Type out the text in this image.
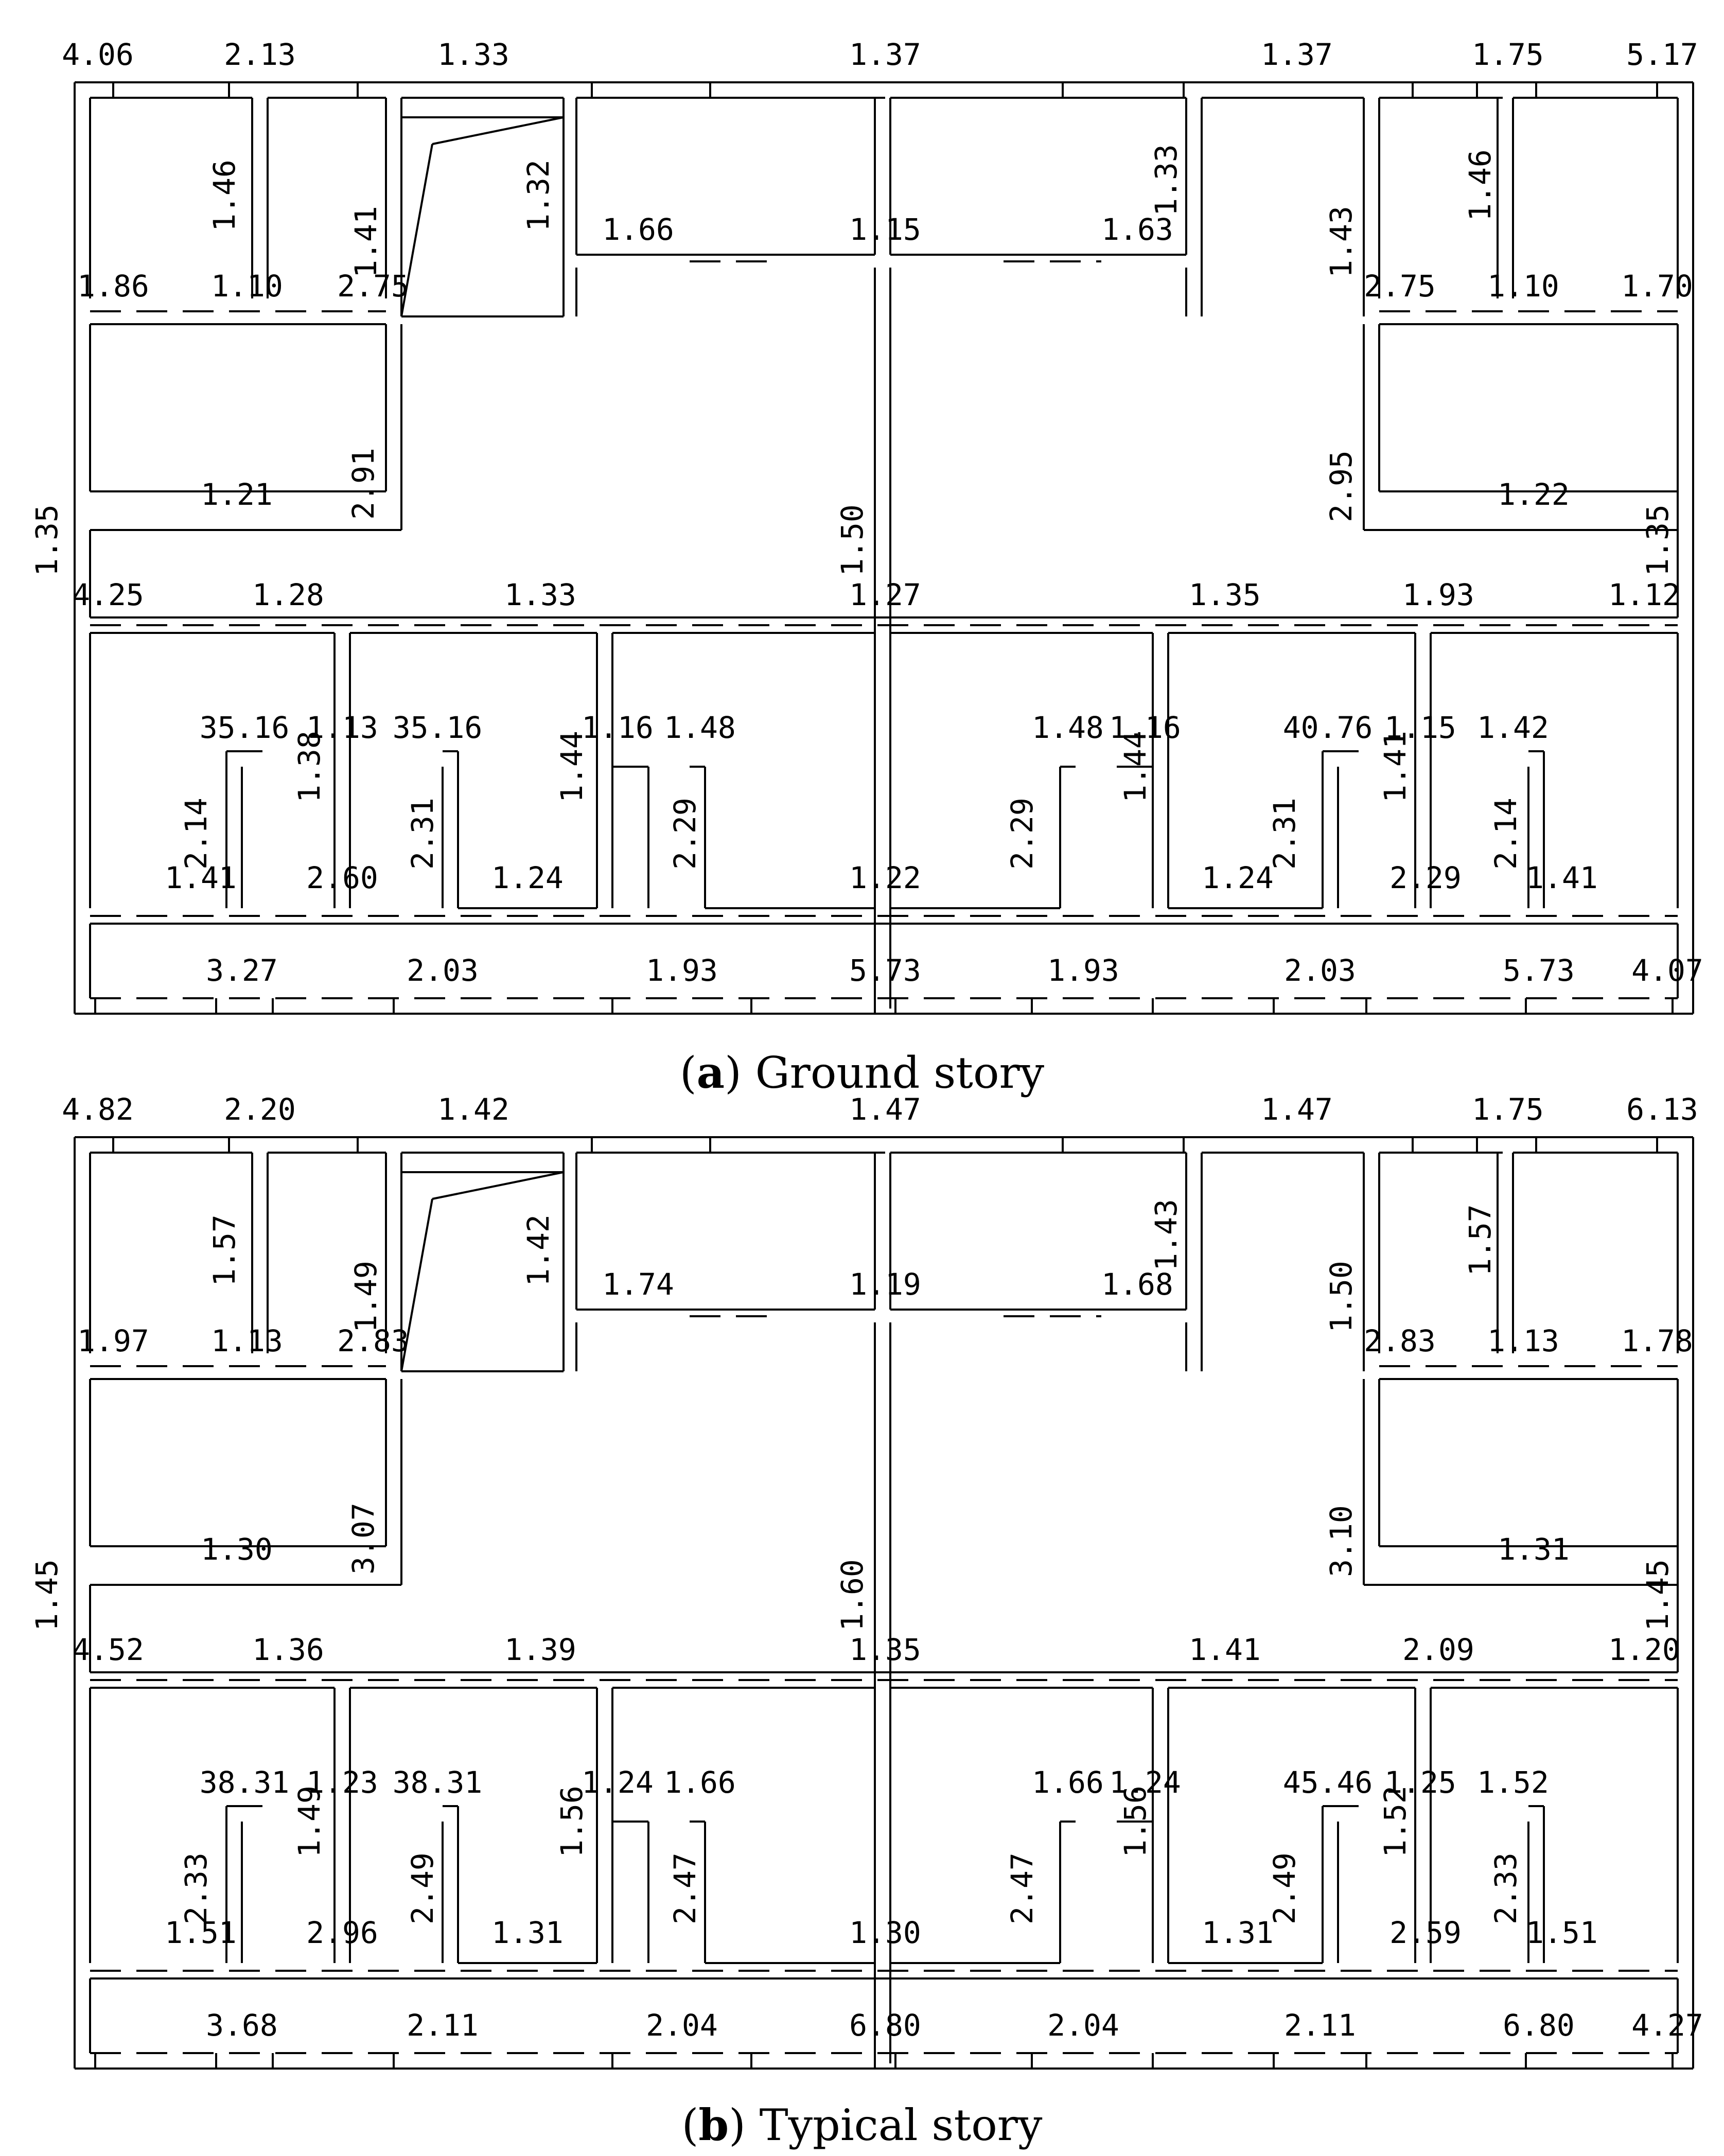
4.06	2.13	1.33	1.37	1.37	1.75	5.17
1.46
1.41
1.32 1.66	1.15	1.63
1.33
1.43
1.46
1.86 1.10 2.75	2.75 1.10 1.70
1.21 2.91	2.95	1.22
1.35	1.50	1.35
4.25	1.28	1.33	1.27	1.35	1.93	1.12
35.16 1.13
1.38
35.16
1.44
1.16 1.48	1.48
1.44
1.16	40.76
1.41
1.15 1.42
2.14	2.31	2.29	2.29	2.31	2.14
1.41 2.60	1.24	1.22	1.24	2.29 1.41
3.27	2.03	1.93	5.73	1.93	2.03	5.73 4.07
4.82	2.20	1.42	1.47	1.47	1.75	6.13
1.57
1.49
1.42 1.74	1.19	1.68
1.43
1.50
1.57
1.97 1.13 2.83	2.83 1.13 1.78
1.30 3.07	3.10	1.31
1.45	1.60	1.45
4.52	1.36	1.39	1.35	1.41	2.09	1.20
38.31 1.23
1.49
38.31
1.56
1.24 1.66	1.66
1.56
1.24	45.46
1.52
1.25 1.52
2.33	2.49	2.47	2.47	2.49	2.33
1.51 2.96	1.31	1.30	1.31	2.59 1.51
3.68	2.11	2.04	6.80	2.04	2.11	6.80 4.27
(a) Ground story
(b) Typical story
